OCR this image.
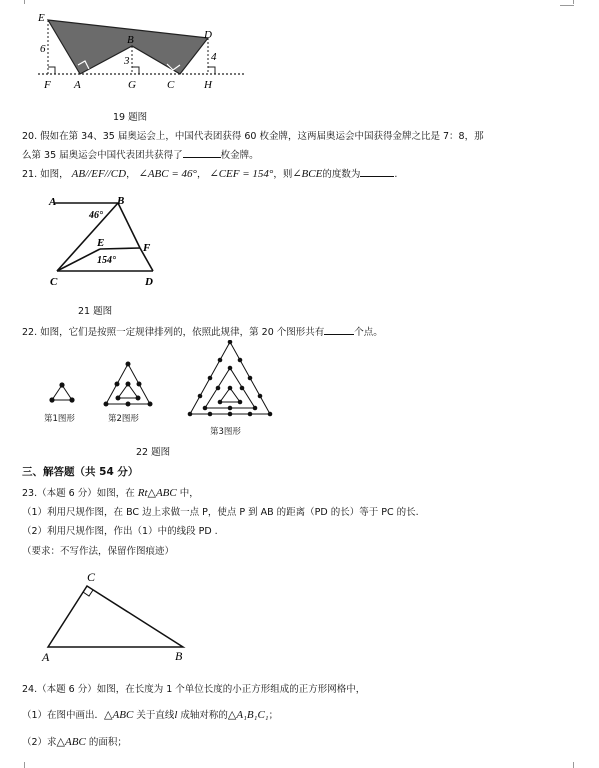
E
B	D
F A	G	C	H
6
3	4
19 题图
20. 假如在第 34、35 届奥运会上，中国代表团获得 60 枚金牌，这两届奥运会中国获得金牌之比是 7：8，那
么第 35 届奥运会中国代表团共获得了	枚金牌。
21. 如图， AB//EF//CD， ∠ABC = 46°， ∠CEF = 154°，则∠BCE的度数为	.
A	B
E	F
C	D
46°
154°
21 题图
22. 如图，它们是按照一定规律排列的，依照此规律，第 20 个图形共有	个点。
第1图形	第2图形
第3图形
22 题图
三、解答题（共 54 分）
23.（本题 6 分）如图，在 Rt△ABC 中，
（1）利用尺规作图，在 BC 边上求做一点 P，使点 P 到 AB 的距离（PD 的长）等于 PC 的长.
（2）利用尺规作图，作出（1）中的线段 PD .
（要求：不写作法，保留作图痕迹）
C
A	B
24.（本题 6 分）如图，在长度为 1 个单位长度的小正方形组成的正方形网格中，
（1）在图中画出．△ABC 关于直线l 成轴对称的△A₁B₁C₁；
（2）求△ABC 的面积；
